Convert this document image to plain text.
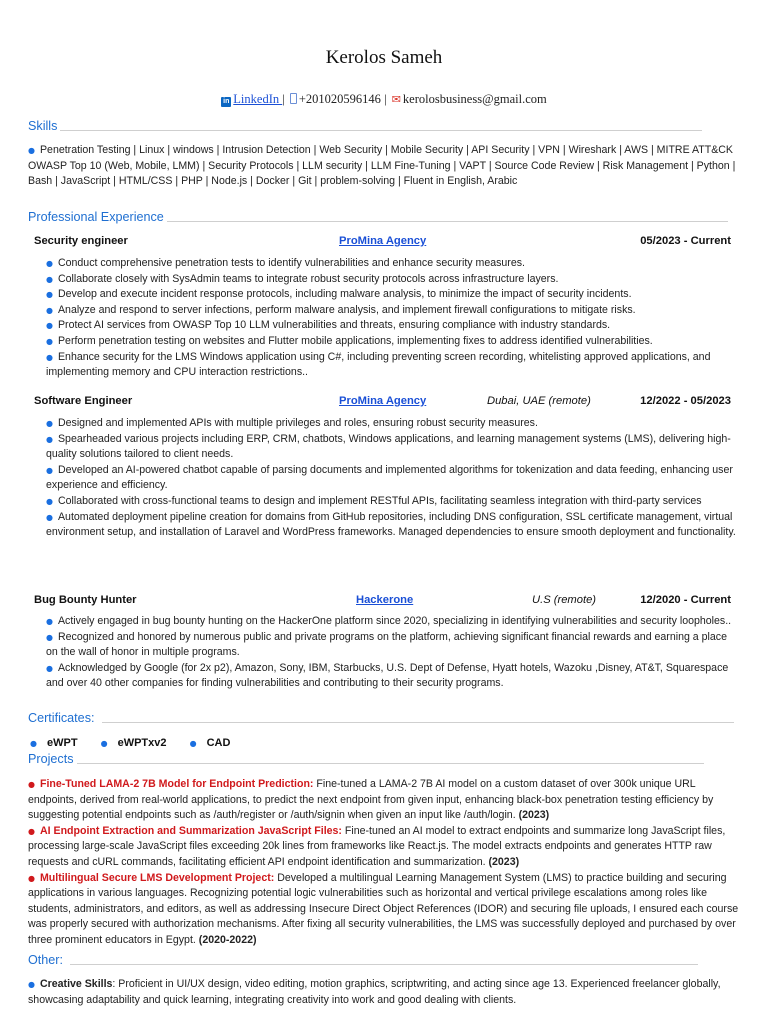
Kerolos Sameh
in LinkedIn | +201020596146 | ✉ kerolosbusiness@gmail.com
Skills
● Penetration Testing | Linux | windows | Intrusion Detection | Web Security | Mobile Security | API Security | VPN | Wireshark | AWS | MITRE ATT&CK OWASP Top 10 (Web, Mobile, LMM) | Security Protocols | LLM security | LLM Fine-Tuning | VAPT | Source Code Review | Risk Management | Python | Bash | JavaScript | HTML/CSS | PHP | Node.js | Docker | Git | problem-solving | Fluent in English, Arabic
Professional Experience
Security engineer	ProMina Agency	05/2023 - Current

● Conduct comprehensive penetration tests to identify vulnerabilities and enhance security measures.

● Collaborate closely with SysAdmin teams to integrate robust security protocols across infrastructure layers.

● Develop and execute incident response protocols, including malware analysis, to minimize the impact of security incidents.

● Analyze and respond to server infections, perform malware analysis, and implement firewall configurations to mitigate risks.

● Protect AI services from OWASP Top 10 LLM vulnerabilities and threats, ensuring compliance with industry standards.

● Perform penetration testing on websites and Flutter mobile applications, implementing fixes to address identified vulnerabilities.

● Enhance security for the LMS Windows application using C#, including preventing screen recording, whitelisting approved applications, and implementing memory and CPU interaction restrictions..

Software Engineer	ProMina Agency	Dubai, UAE (remote)	12/2022 - 05/2023

● Designed and implemented APIs with multiple privileges and roles, ensuring robust security measures.

● Spearheaded various projects including ERP, CRM, chatbots, Windows applications, and learning management systems (LMS), delivering high-quality solutions tailored to client needs.

● Developed an AI-powered chatbot capable of parsing documents and implemented algorithms for tokenization and data feeding, enhancing user experience and efficiency.

● Collaborated with cross-functional teams to design and implement RESTful APIs, facilitating seamless integration with third-party services

● Automated deployment pipeline creation for domains from GitHub repositories, including DNS configuration, SSL certificate management, virtual environment setup, and installation of Laravel and WordPress frameworks. Managed dependencies to ensure smooth deployment and functionality.

Bug Bounty Hunter	Hackerone	U.S (remote)	12/2020 - Current

● Actively engaged in bug bounty hunting on the HackerOne platform since 2020, specializing in identifying vulnerabilities and security loopholes..

● Recognized and honored by numerous public and private programs on the platform, achieving significant financial rewards and earning a place on the wall of honor in multiple programs.

● Acknowledged by Google (for 2x p2), Amazon, Sony, IBM, Starbucks, U.S. Dept of Defense, Hyatt hotels, Wazoku ,Disney, AT&T, Squarespace and over 40 other companies for finding vulnerabilities and contributing to their security programs.

Certificates:
● eWPT	● eWPTxv2	● CAD
Projects

● Fine-Tuned LAMA-2 7B Model for Endpoint Prediction: Fine-tuned a LAMA-2 7B AI model on a custom dataset of over 300k unique URL endpoints, derived from real-world applications, to predict the next endpoint from given input, enhancing black-box penetration testing efficiency by suggesting potential endpoints such as /auth/register or /auth/signin when given an input like /auth/login. (2023)

● AI Endpoint Extraction and Summarization JavaScript Files: Fine-tuned an AI model to extract endpoints and summarize long JavaScript files, processing large-scale JavaScript files exceeding 20k lines from frameworks like React.js. The model extracts endpoints and generates HTTP raw requests and cURL commands, facilitating efficient API endpoint identification and summarization. (2023)

● Multilingual Secure LMS Development Project: Developed a multilingual Learning Management System (LMS) to practice building and securing applications in various languages. Recognizing potential logic vulnerabilities such as horizontal and vertical privilege escalations among roles like students, administrators, and editors, as well as addressing Insecure Direct Object References (IDOR) and securing file uploads, I ensured each course was properly secured with authorization mechanisms. After fixing all security vulnerabilities, the LMS was successfully deployed and purchased by over three prominent educators in Egypt. (2020-2022)

Other:
● Creative Skills: Proficient in UI/UX design, video editing, motion graphics, scriptwriting, and acting since age 13. Experienced freelancer globally, showcasing adaptability and quick learning, integrating creativity into work and good dealing with clients.
